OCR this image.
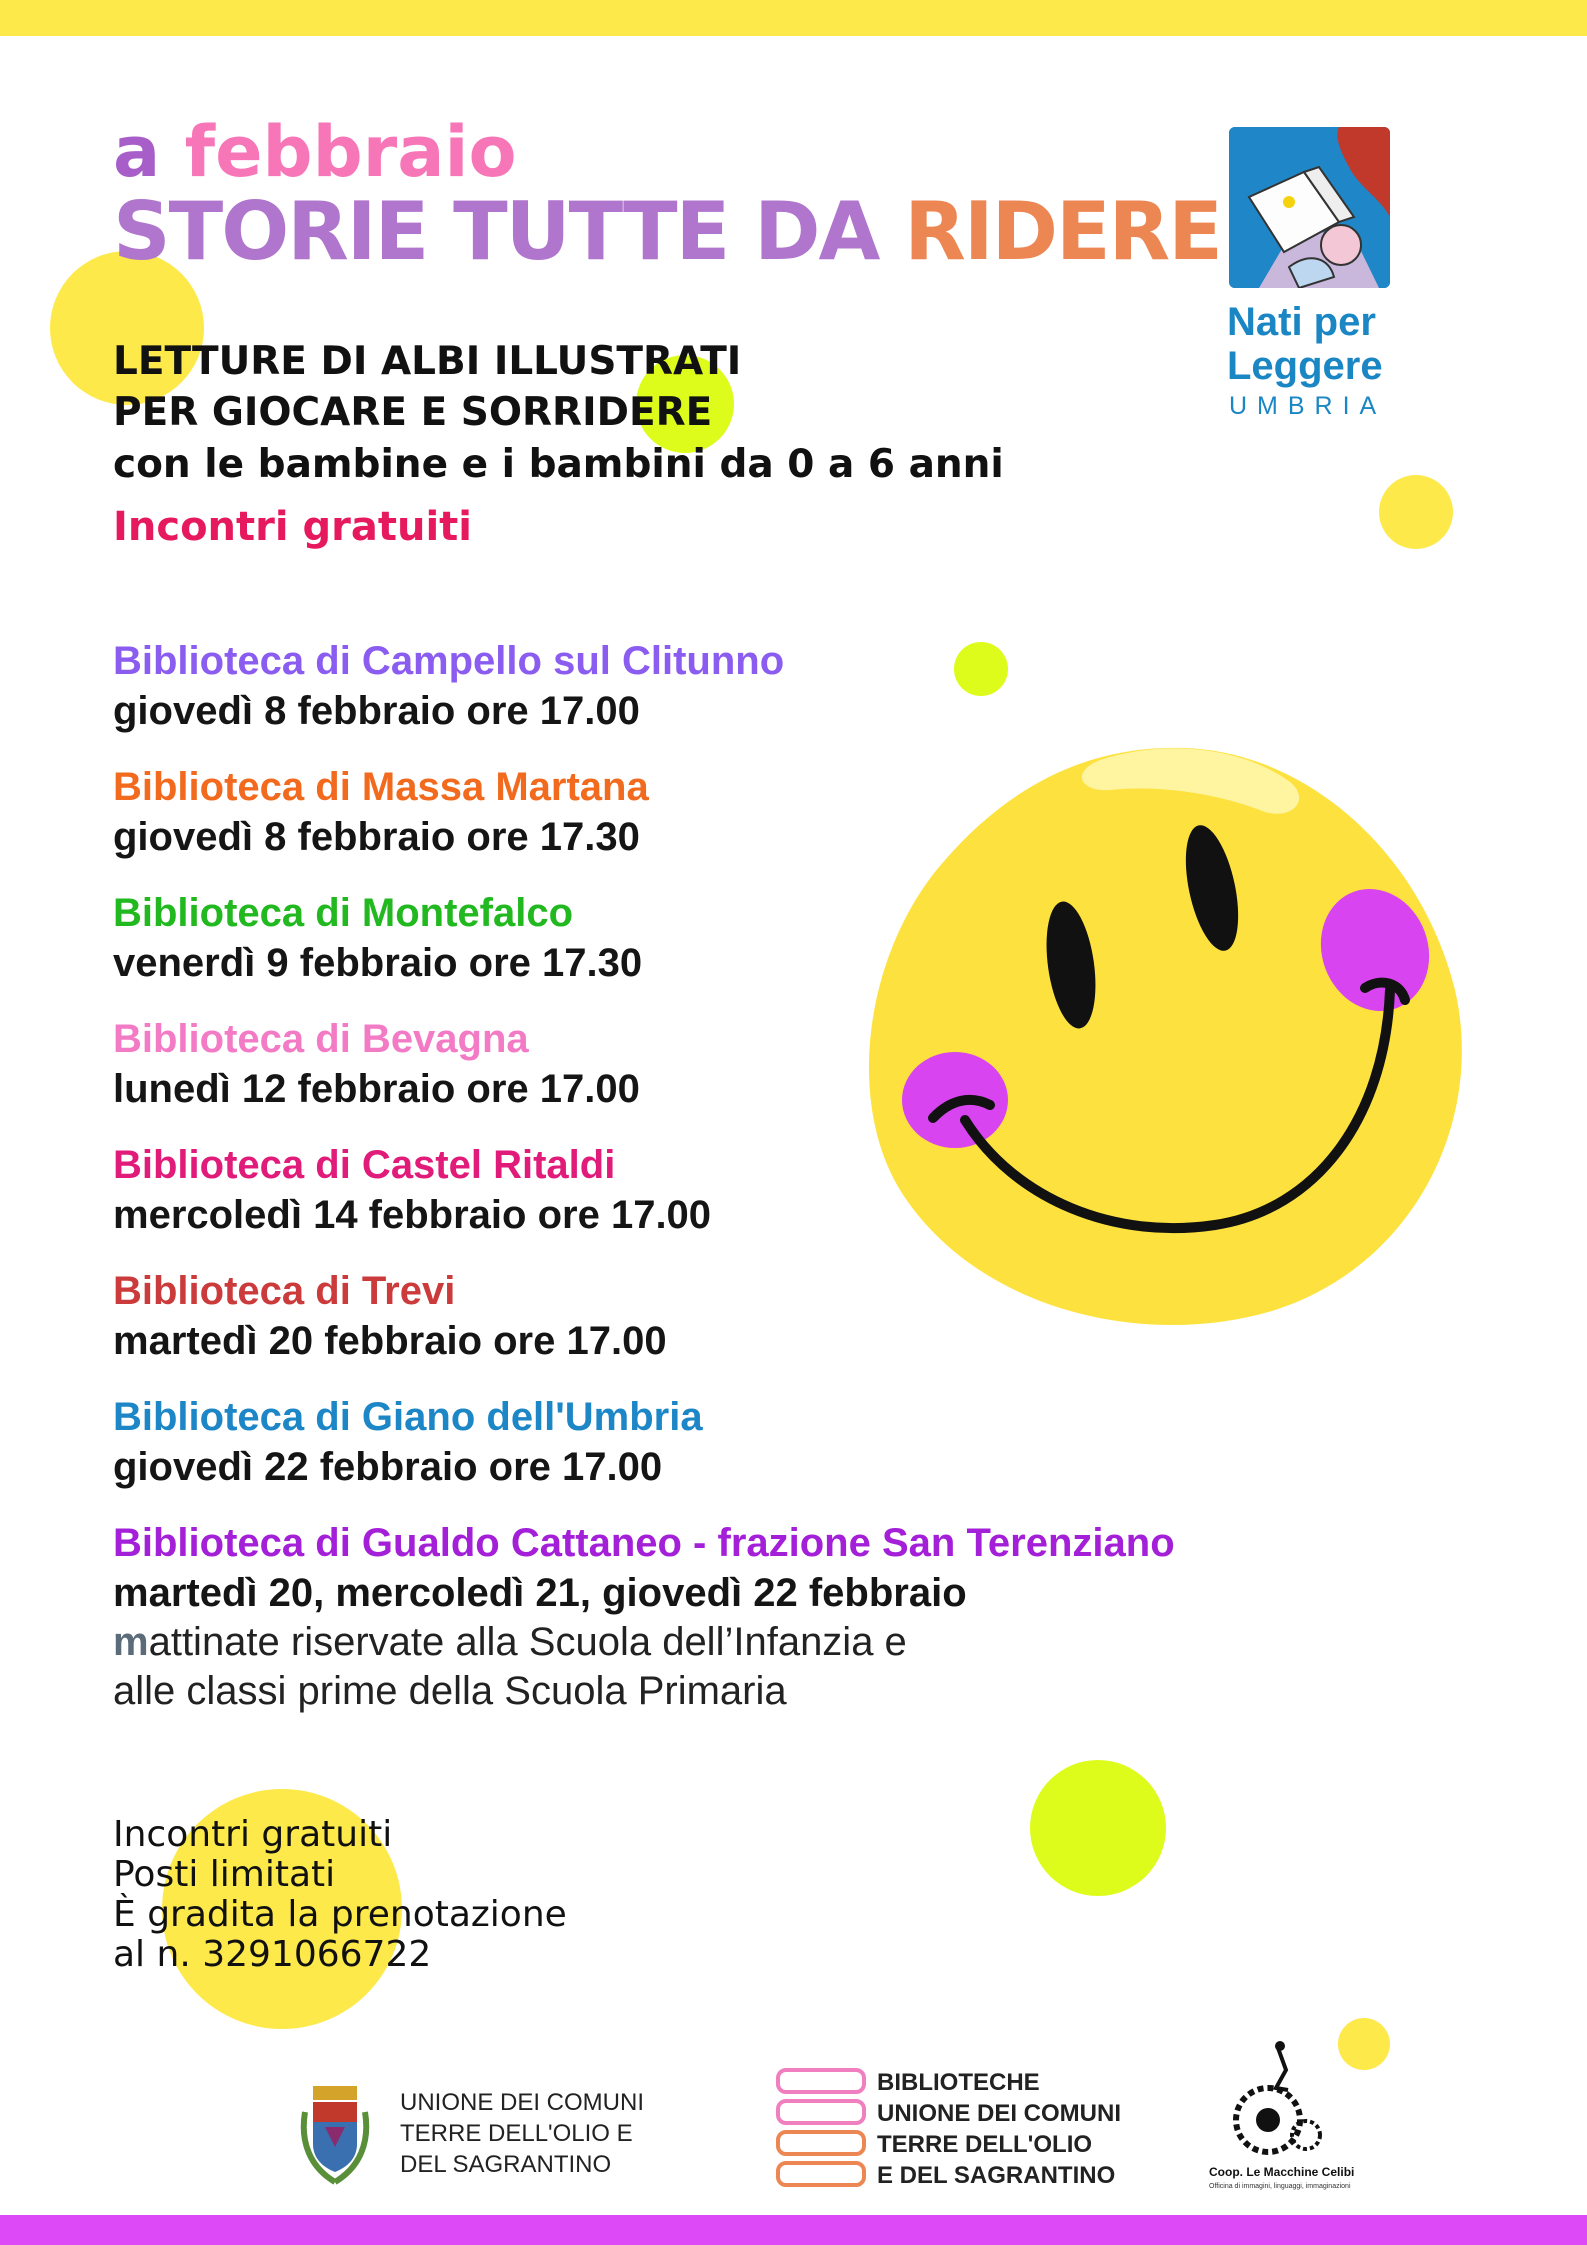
a febbraio
STORIE TUTTE DA RIDERE
LETTURE DI ALBI ILLUSTRATI
PER GIOCARE E SORRIDERE
con le bambine e i bambini da 0 a 6 anni
Incontri gratuiti
Nati per
Leggere
UMBRIA
Biblioteca di Campello sul Clitunno
giovedì 8 febbraio ore 17.00
Biblioteca di Massa Martana
giovedì 8 febbraio ore 17.30
Biblioteca di Montefalco
venerdì 9 febbraio ore 17.30
Biblioteca di Bevagna
lunedì 12 febbraio ore 17.00
Biblioteca di Castel Ritaldi
mercoledì 14 febbraio ore 17.00
Biblioteca di Trevi
martedì 20 febbraio ore 17.00
Biblioteca di Giano dell'Umbria
giovedì 22 febbraio ore 17.00
Biblioteca di Gualdo Cattaneo - frazione San Terenziano
martedì 20, mercoledì 21, giovedì 22 febbraio
mattinate riservate alla Scuola dell’Infanzia e
alle classi prime della Scuola Primaria
Incontri gratuiti
Posti limitati
È gradita la prenotazione
al n. 3291066722
UNIONE DEI COMUNI
TERRE DELL'OLIO E
DEL SAGRANTINO
BIBLIOTECHE
UNIONE DEI COMUNI
TERRE DELL'OLIO
E DEL SAGRANTINO	Coop. Le Macchine Celibi
Officina di immagini, linguaggi, immaginazioni
